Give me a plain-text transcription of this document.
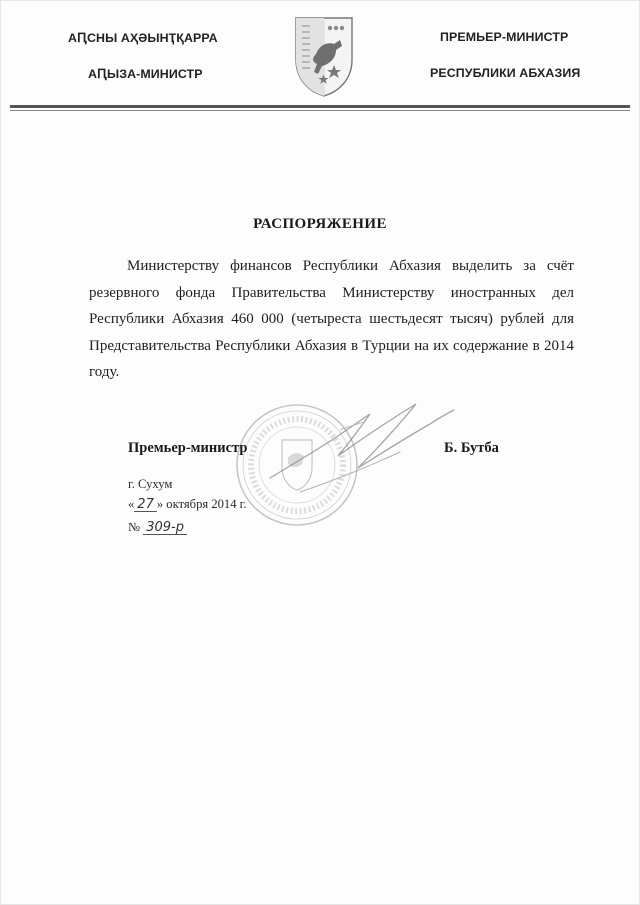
АԤСНЫ АҲӘЫНҬҚАРРА
АԤЫЗА-МИНИСТР
ПРЕМЬЕР-МИНИСТР
РЕСПУБЛИКИ АБХАЗИЯ
РАСПОРЯЖЕНИЕ

Министерству финансов Республики Абхазия выделить за счёт резервного фонда Правительства Министерству иностранных дел Республики Абхазия 460 000 (четыреста шестьдесят тысяч) рублей для Представительства Республики Абхазия в Турции на их содержание в 2014 году.

Премьер-министр	Б. Бутба
г. Сухум
« 27 » октября 2014 г.
№ 309-р
